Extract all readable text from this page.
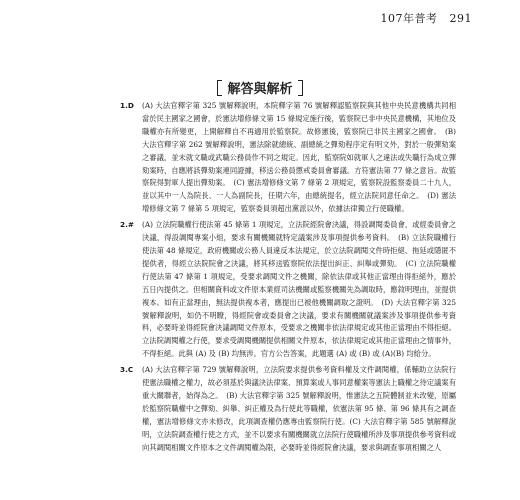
107年普考 291
解答與解析
1.D (A) 大法官釋字第 325 號解釋說明，本院釋字第 76 號解釋認監察院與其他中央民意機構共同相當於民主國家之國會，於憲法增修條文第 15 條規定施行後，監察院已非中央民意機構，其地位及職權亦有所變更，上開解釋自不再適用於監察院。故修憲後，監察院已非民主國家之國會。　(B) 大法官釋字第 262 號解釋說明，憲法除就總統、副總統之彈劾程序定有明文外，對於一般彈劾案之審議，並未就文職或武職公務員作不同之規定。因此，監察院如就軍人之違法或失職行為成立彈劾案時，自應將該彈劾案連同證據，移送公務員懲戒委員會審議。方符憲法第 77 條之意旨。故監察院得對軍人提出彈劾案。　(C) 憲法增修條文第 7 條第 2 項規定，監察院設監察委員二十九人，並以其中一人為院長、一人為副院長，任期六年，由總統提名，經立法院同意任命之。　(D) 憲法增修條文第 7 條第 5 項規定，監察委員須超出黨派以外，依據法律獨立行使職權。
2.# (A) 立法院職權行使法第 45 條第 1 項規定，立法院經院會決議，得設調閱委員會，或經委員會之決議，得設調閱專案小組，要求有關機關就特定議案涉及事項提供參考資料。　(B) 立法院職權行使法第 48 條規定，政府機關或公務人員違反本法規定，於立法院調閱文件時拒絕、拖延或隱匿不提供者，得經立法院院會之決議，將其移送監察院依法提出糾正、糾舉或彈劾。　(C) 立法院職權行使法第 47 條第 1 項規定，受要求調閱文件之機關，除依法律或其他正當理由得拒絕外，應於五日內提供之。但相關資料或文件原本業經司法機關或監察機關先為調取時，應敘明理由，並提供複本。如有正當理由，無法提供複本者，應提出已被他機關調取之證明。　(D) 大法官釋字第 325 號解釋說明，如仍不明瞭，得經院會或委員會之決議，要求有關機關就議案涉及事項提供參考資料，必要時並得經院會決議調閱文件原本，受要求之機關非依法律規定或其他正當理由不得拒絕。立法院調閱權之行使，要求受調閱機關提供相關文件原本，依法律規定或其他正當理由之情事外，不得拒絕。此與 (A) 及 (B) 均無涉。官方公告答案，此題選 (A) 或 (B) 或 (A)(B) 均給分。
3.C (A) 大法官釋字第 729 號解釋說明，立法院要求提供參考資料權及文件調閱權，係輔助立法院行使憲法職權之權力，故必須基於與議決法律案、預算案或人事同意權案等憲法上職權之待定議案有重大關聯者，始得為之。　(B) 大法官釋字第 325 號解釋說明，惟憲法之五院體制並未改變，原屬於監察院職權中之彈劾、糾舉、糾正權及為行使此等職權，依憲法第 95 條、第 96 條具有之調查權，憲法增修條文亦未修改，此項調查權仍應專由監察院行使。(C) 大法官釋字第 585 號解釋說明，立法院調查權行使之方式，並不以要求有關機關就立法院行使職權所涉及事項提供參考資料或向其調閱相關文件原本之文件調閱權為限，必要時並得經院會決議，要求與調查事項相關之人
